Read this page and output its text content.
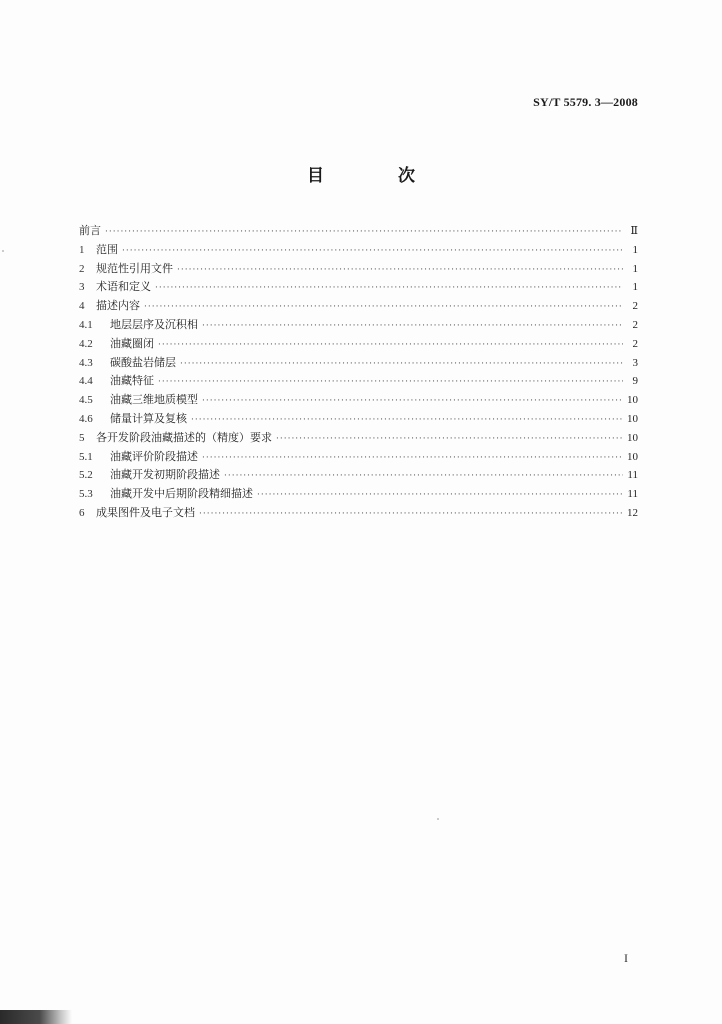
SY/T 5579. 3—2008
目 次
前言 ·····	Ⅱ
1	范围 ·····	1
2	规范性引用文件 ·····	1
3	术语和定义 ·····	1
4	描述内容 ·····	2
4.1	地层层序及沉积相 ·····	2
4.2	油藏圈闭 ·····	2
4.3	碳酸盐岩储层 ·····	3
4.4	油藏特征 ·····	9
4.5	油藏三维地质模型 ·····	10
4.6	储量计算及复核 ·····	10
5	各开发阶段油藏描述的（精度）要求 ·····	10
5.1	油藏评价阶段描述 ·····	10
5.2	油藏开发初期阶段描述 ·····	11
5.3	油藏开发中后期阶段精细描述 ·····	11
6	成果图件及电子文档 ·····	12
I
